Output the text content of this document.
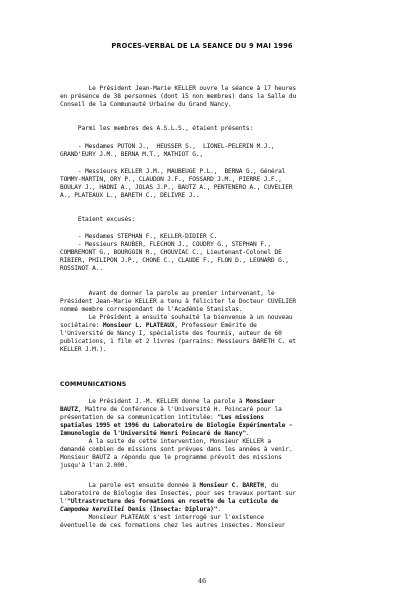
PROCES-VERBAL DE LA SEANCE DU 9 MAI 1996
Le Président Jean-Marie KELLER ouvre la séance à 17 heures
en présence de 38 personnes (dont 15 non membres) dans la Salle du
Conseil de la Communauté Urbaine du Grand Nancy.
Parmi les membres des A.S.L.S., étaient présents:
- Mesdames PUTON J.,  HEUSSER S.,  LIONEL-PELERIN M.J.,
GRAND'EURY J.M., BERNA M.T., MATHIOT G.,
- Messieurs KELLER J.M., MAUBEUGE P.L.,  BERNA G., Général
TOMMY-MARTIN, ORY P., CLAUDON J.F., FOSSARD J.M., PIERRE J.F.,
BOULAY J., HADNI A., JOLAS J.P., BAUTZ A., PENTENERO A., CUVELIER
A., PLATEAUX L., BARETH C., DELIVRE J..
Etaient excusés:
- Mesdames STEPHAN F., KELLER-DIDIER C.
- Messieurs RAUBER, FLECHON J., COUDRY G., STEPHAN F.,
COMBREMONT G., BOURGOIN R., CHOUVIAC C., Lieutenant-Colonel DE
RIBIER, PHILIPON J.P., CHONE C., CLAUDE F., FLON D., LEONARD G.,
ROSSINOT A..
Avant de donner la parole au premier intervenant, le
Président Jean-Marie KELLER a tenu à féliciter le Docteur CUVELIER
nommé membre correspondant de l'Académie Stanislas.
Le Président a ensuite souhaité la bienvenue à un nouveau
sociétaire: Monsieur L. PLATEAUX, Professeur Emérite de
l'Université de Nancy I, spécialiste des fourmis, auteur de 60
publications, 1 film et 2 livres (parrains: Messieurs BARETH C. et
KELLER J.M.).
COMMUNICATIONS
Le Président J.-M. KELLER donne la parole à Monsieur
BAUTZ, Maître de Conférence à l'Université H. Poincaré pour la
présentation de sa communication intitulée: "Les missions
spatiales 1995 et 1996 du Laboratoire de Biologie Expérimentale -
Immunologie de l'Université Henri Poincaré de Nancy".
A la suite de cette intervention, Monsieur KELLER a
demandé combien de missions sont prévues dans les années à venir.
Monsieur BAUTZ a répondu que le programme prévoit des missions
jusqu'à l'an 2.000.
La parole est ensuite donnée à Monsieur C. BARETH, du
Laboratoire de Biologie des Insectes, pour ses travaux portant sur
l'"Ultrastructure des formations en rosette de la cuticule de
Campodea kervillei Denis (Insecta: Diplura)".
Monsieur PLATEAUX s'est interrogé sur l'existence
éventuelle de ces formations chez les autres insectes. Monsieur
46
